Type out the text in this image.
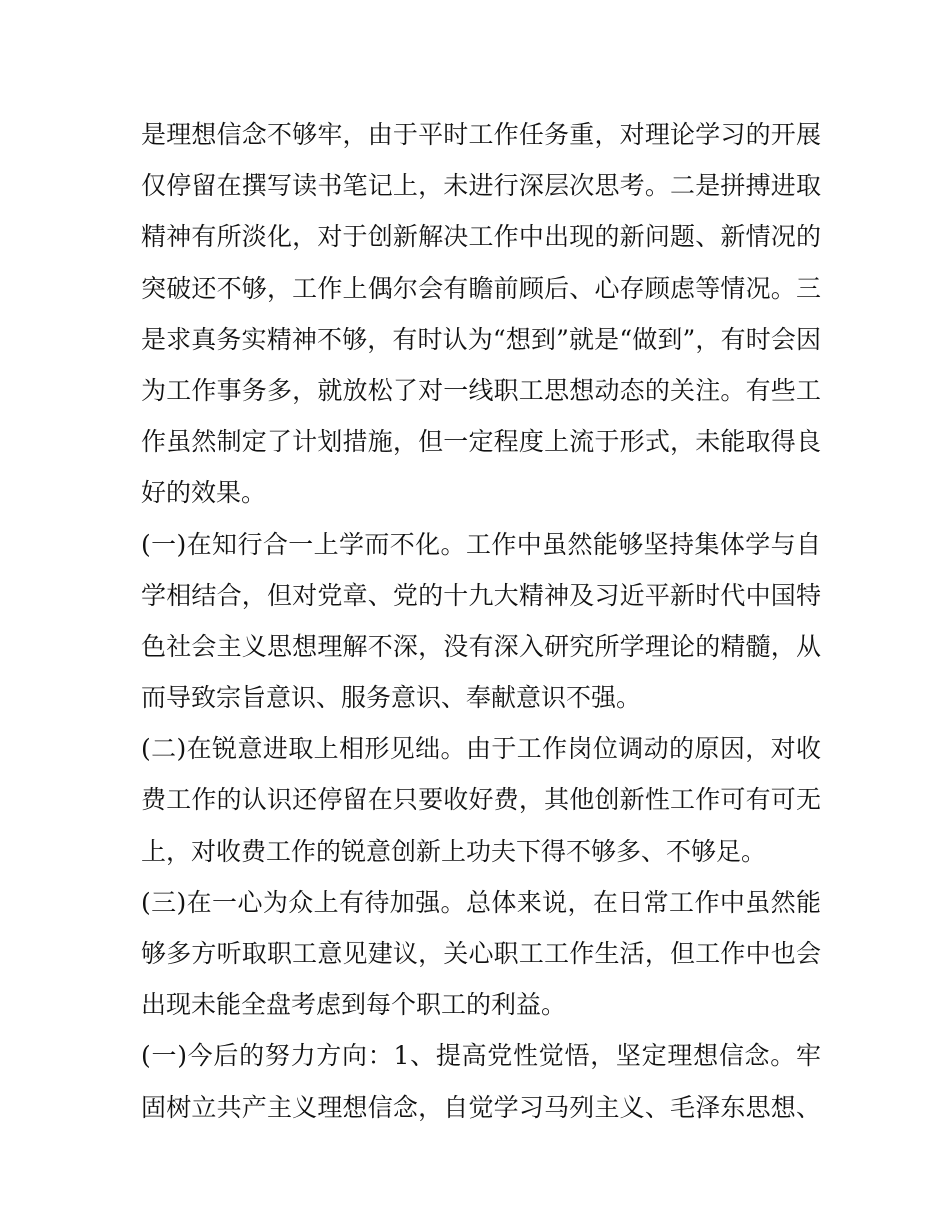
是理想信念不够牢，由于平时工作任务重，对理论学习的开展
仅停留在撰写读书笔记上，未进行深层次思考。二是拼搏进取
精神有所淡化，对于创新解决工作中出现的新问题、新情况的
突破还不够，工作上偶尔会有瞻前顾后、心存顾虑等情况。三
是求真务实精神不够，有时认为“想到”就是“做到”，有时会因
为工作事务多，就放松了对一线职工思想动态的关注。有些工
作虽然制定了计划措施，但一定程度上流于形式，未能取得良
好的效果。
(一)在知行合一上学而不化。工作中虽然能够坚持集体学与自
学相结合，但对党章、党的十九大精神及习近平新时代中国特
色社会主义思想理解不深，没有深入研究所学理论的精髓，从
而导致宗旨意识、服务意识、奉献意识不强。
(二)在锐意进取上相形见绌。由于工作岗位调动的原因，对收
费工作的认识还停留在只要收好费，其他创新性工作可有可无
上，对收费工作的锐意创新上功夫下得不够多、不够足。
(三)在一心为众上有待加强。总体来说，在日常工作中虽然能
够多方听取职工意见建议，关心职工工作生活，但工作中也会
出现未能全盘考虑到每个职工的利益。
(一)今后的努力方向：1、提高党性觉悟，坚定理想信念。牢
固树立共产主义理想信念，自觉学习马列主义、毛泽东思想、
